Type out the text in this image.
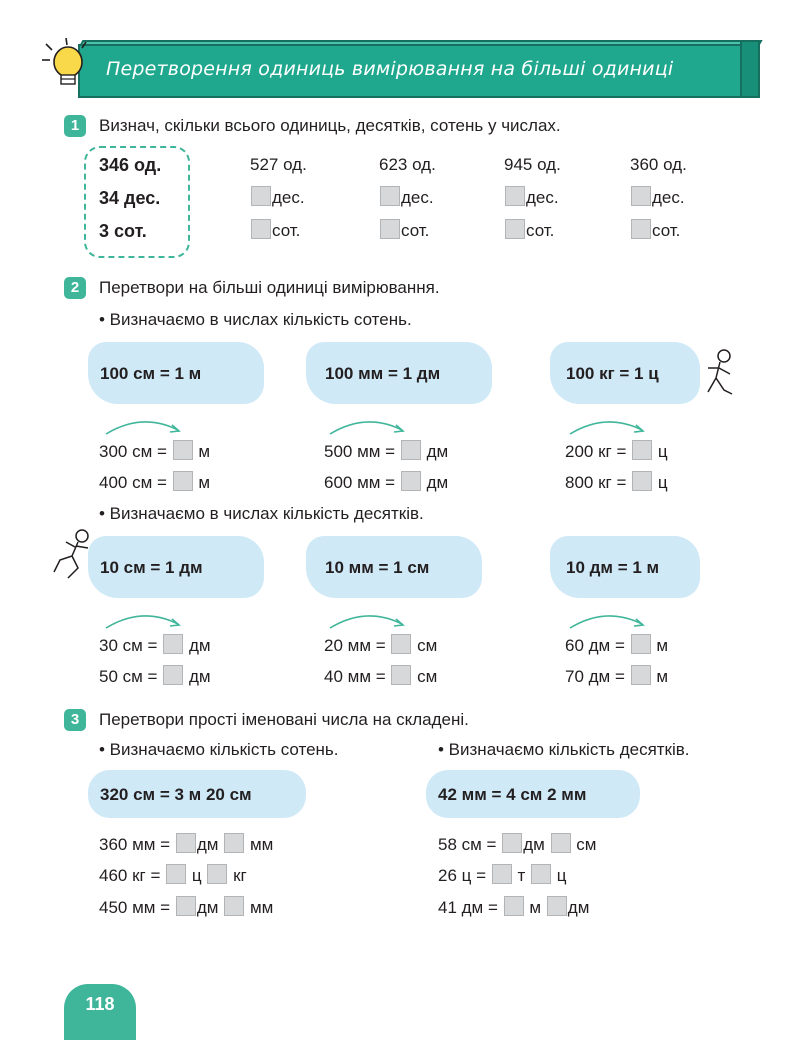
Перетворення одиниць вимірювання на більші одиниці
1	Визнач, скільки всього одиниць, десятків, сотень у числах.
346 од.
34 дес.
3 сот.
527 од.
дес.
сот.
623 од.
дес.
сот.
945 од.
дес.
сот.
360 од.
дес.
сот.
2	Перетвори на більші одиниці вимірювання.
• Визначаємо в числах кількість сотень.
100 см = 1 м	100 мм = 1 дм	100 кг = 1 ц
300 см = м
400 см = м
500 мм = дм
600 мм = дм
200 кг = ц
800 кг = ц
• Визначаємо в числах кількість десятків.
10 см = 1 дм	10 мм = 1 см	10 дм = 1 м
30 см = дм
50 см = дм
20 мм = см
40 мм = см
60 дм = м
70 дм = м
3	Перетвори прості іменовані числа на складені.
• Визначаємо кількість сотень.	• Визначаємо кількість десятків.
320 см = 3 м 20 см	42 мм = 4 см 2 мм
360 мм = дм мм
460 кг = ц кг
450 мм = дм мм
58 см = дм см
26 ц = т ц
41 дм = м дм
118
